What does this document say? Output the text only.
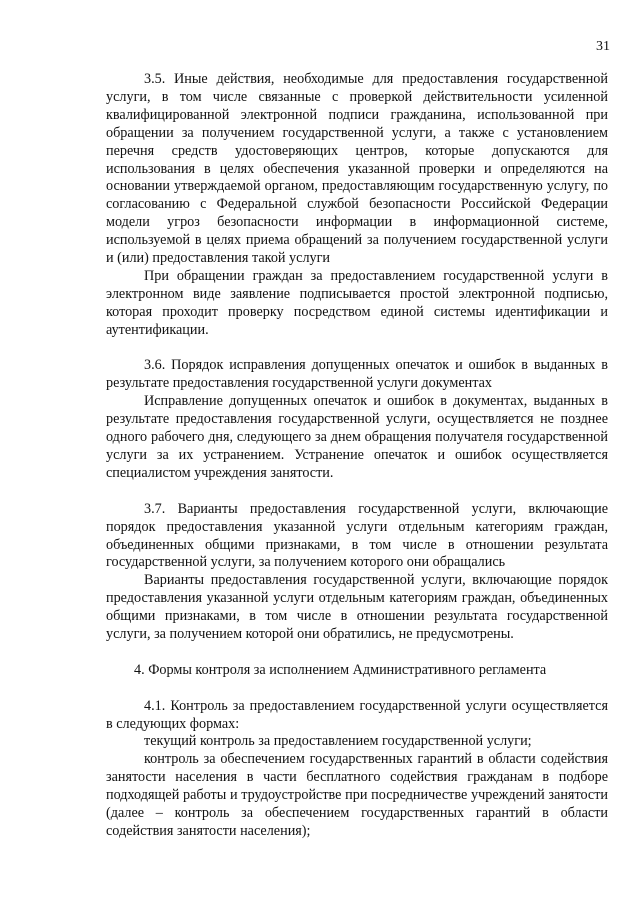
31

3.5. Иные действия, необходимые для предоставления государственной услуги, в том числе связанные с проверкой действительности усиленной квалифицированной электронной подписи гражданина, использованной при обращении за получением государственной услуги, а также с установлением перечня средств удостоверяющих центров, которые допускаются для использования в целях обеспечения указанной проверки и определяются на основании утверждаемой органом, предоставляющим государственную услугу, по согласованию с Федеральной службой безопасности Российской Федерации модели угроз безопасности информации в информационной системе, используемой в целях приема обращений за получением государственной услуги и (или) предоставления такой услуги

При обращении граждан за предоставлением государственной услуги в электронном виде заявление подписывается простой электронной подписью, которая проходит проверку посредством единой системы идентификации и аутентификации.

3.6. Порядок исправления допущенных опечаток и ошибок в выданных в результате предоставления государственной услуги документах

Исправление допущенных опечаток и ошибок в документах, выданных в результате предоставления государственной услуги, осуществляется не позднее одного рабочего дня, следующего за днем обращения получателя государственной услуги за их устранением. Устранение опечаток и ошибок осуществляется специалистом учреждения занятости.

3.7. Варианты предоставления государственной услуги, включающие порядок предоставления указанной услуги отдельным категориям граждан, объединенных общими признаками, в том числе в отношении результата государственной услуги, за получением которого они обращались

Варианты предоставления государственной услуги, включающие порядок предоставления указанной услуги отдельным категориям граждан, объединенных общими признаками, в том числе в отношении результата государственной услуги, за получением которой они обратились, не предусмотрены.

4. Формы контроля за исполнением Административного регламента

4.1. Контроль за предоставлением государственной услуги осуществляется в следующих формах:

текущий контроль за предоставлением государственной услуги;

контроль за обеспечением государственных гарантий в области содействия занятости населения в части бесплатного содействия гражданам в подборе подходящей работы и трудоустройстве при посредничестве учреждений занятости (далее – контроль за обеспечением государственных гарантий в области содействия занятости населения);
